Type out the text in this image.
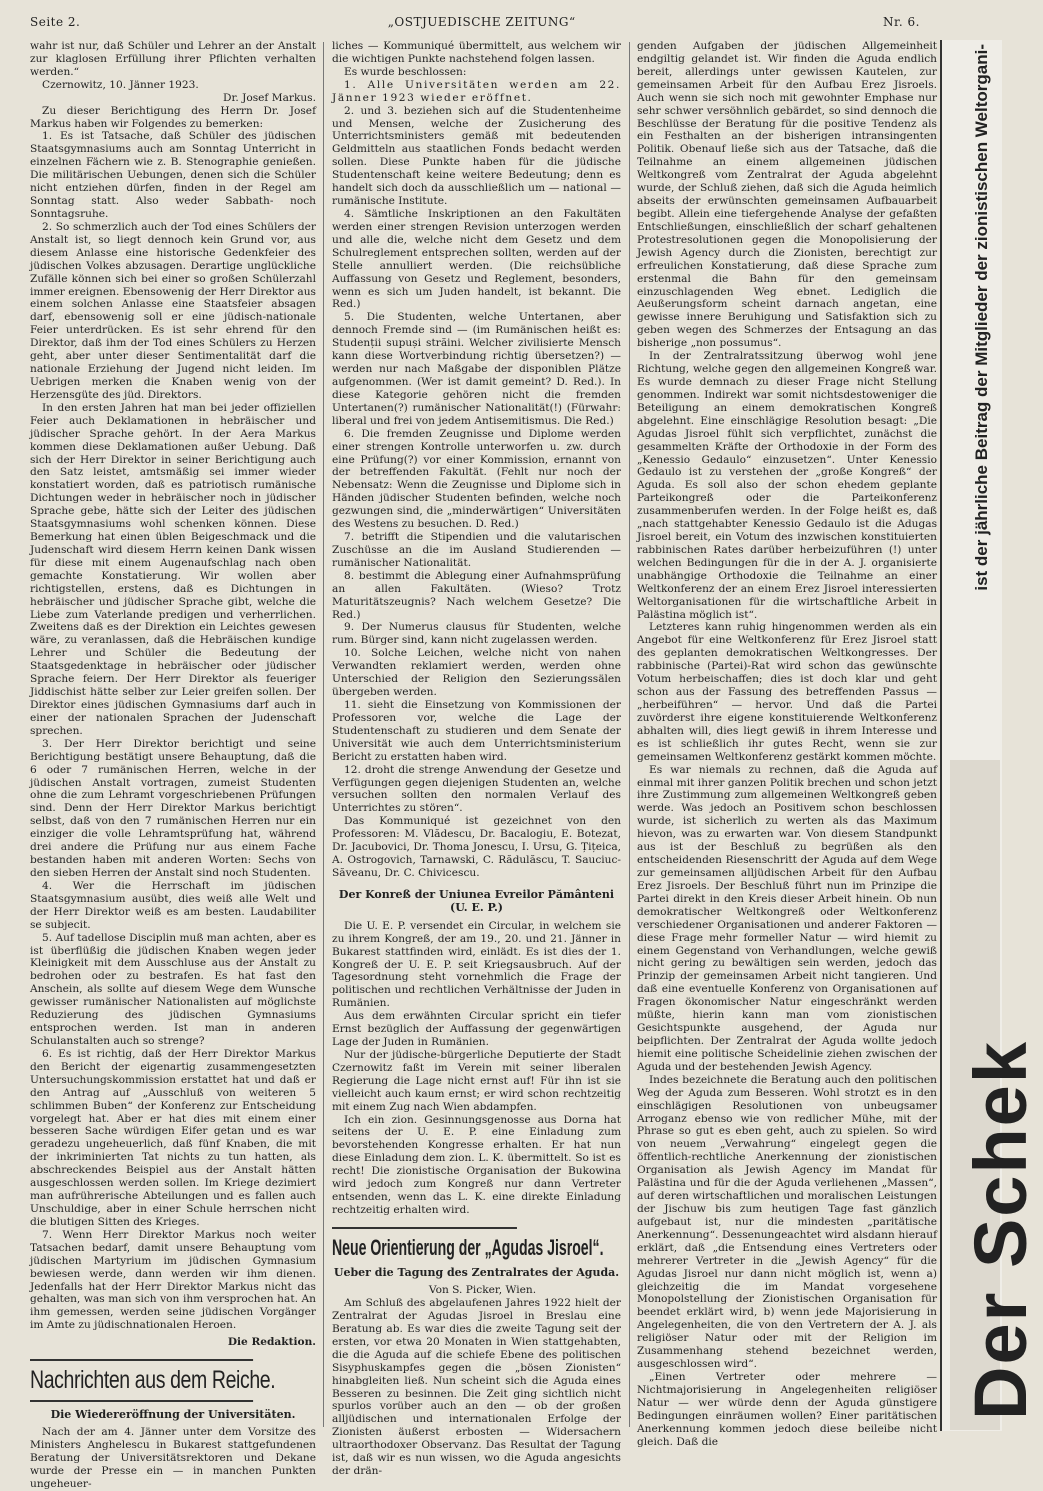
Seite 2.	„OSTJUEDISCHE ZEITUNG“	Nr. 6.

wahr ist nur, daß Schüler und Lehrer an der Anstalt zur klaglosen Erfüllung ihrer Pflichten verhalten werden.“

Czernowitz, 10. Jänner 1923.

Dr. Josef Markus.

Zu dieser Berichtigung des Herrn Dr. Josef Markus haben wir Folgendes zu bemerken:

1. Es ist Tatsache, daß Schüler des jüdischen Staatsgymnasiums auch am Sonntag Unterricht in einzelnen Fächern wie z. B. Stenographie genießen. Die militärischen Uebungen, denen sich die Schüler nicht entziehen dürfen, finden in der Regel am Sonntag statt. Also weder Sabbath- noch Sonntagsruhe.

2. So schmerzlich auch der Tod eines Schülers der Anstalt ist, so liegt dennoch kein Grund vor, aus diesem Anlasse eine historische Gedenkfeier des jüdischen Volkes abzusagen. Derartige unglückliche Zufälle können sich bei einer so großen Schülerzahl immer ereignen. Ebensowenig der Herr Direktor aus einem solchen Anlasse eine Staatsfeier absagen darf, ebensowenig soll er eine jüdisch-nationale Feier unterdrücken. Es ist sehr ehrend für den Direktor, daß ihm der Tod eines Schülers zu Herzen geht, aber unter dieser Sentimentalität darf die nationale Erziehung der Jugend nicht leiden. Im Uebrigen merken die Knaben wenig von der Herzensgüte des jüd. Direktors.

In den ersten Jahren hat man bei jeder offiziellen Feier auch Deklamationen in hebräischer und jüdischer Sprache gehört. In der Aera Markus kommen diese Deklamationen außer Uebung. Daß sich der Herr Direktor in seiner Berichtigung auch den Satz leistet, amtsmäßig sei immer wieder konstatiert worden, daß es patriotisch rumänische Dichtungen weder in hebräischer noch in jüdischer Sprache gebe, hätte sich der Leiter des jüdischen Staatsgymnasiums wohl schenken können. Diese Bemerkung hat einen üblen Beigeschmack und die Judenschaft wird diesem Herrn keinen Dank wissen für diese mit einem Augenaufschlag nach oben gemachte Konstatierung. Wir wollen aber richtigstellen, erstens, daß es Dichtungen in hebräischer und jüdischer Sprache gibt, welche die Liebe zum Vaterlande predigen und verherrlichen. Zweitens daß es der Direktion ein Leichtes gewesen wäre, zu veranlassen, daß die Hebräischen kundige Lehrer und Schüler die Bedeutung der Staatsgedenktage in hebräischer oder jüdischer Sprache feiern. Der Herr Direktor als feueriger Jiddischist hätte selber zur Leier greifen sollen. Der Direktor eines jüdischen Gymnasiums darf auch in einer der nationalen Sprachen der Judenschaft sprechen.

3. Der Herr Direktor berichtigt und seine Berichtigung bestätigt unsere Behauptung, daß die 6 oder 7 rumänischen Herren, welche in der jüdischen Anstalt vortragen, zumeist Studenten ohne die zum Lehramt vorgeschriebenen Prüfungen sind. Denn der Herr Direktor Markus berichtigt selbst, daß von den 7 rumänischen Herren nur ein einziger die volle Lehramtsprüfung hat, während drei andere die Prüfung nur aus einem Fache bestanden haben mit anderen Worten: Sechs von den sieben Herren der Anstalt sind noch Studenten.

4. Wer die Herrschaft im jüdischen Staatsgymnasium ausübt, dies weiß alle Welt und der Herr Direktor weiß es am besten. Laudabiliter se subjecit.

5. Auf tadellose Disciplin muß man achten, aber es ist überflüßig die jüdischen Knaben wegen jeder Kleinigkeit mit dem Ausschluse aus der Anstalt zu bedrohen oder zu bestrafen. Es hat fast den Anschein, als sollte auf diesem Wege dem Wunsche gewisser rumänischer Nationalisten auf möglichste Reduzierung des jüdischen Gymnasiums entsprochen werden. Ist man in anderen Schulanstalten auch so strenge?

6. Es ist richtig, daß der Herr Direktor Markus den Bericht der eigenartig zusammengesetzten Untersuchungskommission erstattet hat und daß er den Antrag auf „Ausschluß von weiteren 5 schlimmen Buben“ der Konferenz zur Entscheidung vorgelegt hat. Aber er hat dies mit einem einer besseren Sache würdigen Eifer getan und es war geradezu ungeheuerlich, daß fünf Knaben, die mit der inkriminierten Tat nichts zu tun hatten, als abschreckendes Beispiel aus der Anstalt hätten ausgeschlossen werden sollen. Im Kriege dezimiert man aufrührerische Abteilungen und es fallen auch Unschuldige, aber in einer Schule herrschen nicht die blutigen Sitten des Krieges.

7. Wenn Herr Direktor Markus noch weiter Tatsachen bedarf, damit unsere Behauptung vom jüdischen Martyrium im jüdischen Gymnasium bewiesen werde, dann werden wir ihm dienen. Jedenfalls hat der Herr Direktor Markus nicht das gehalten, was man sich von ihm versprochen hat. An ihm gemessen, werden seine jüdischen Vorgänger im Amte zu jüdischnationalen Heroen.

Die Redaktion.
Nachrichten aus dem Reiche.
Die Wiedereröffnung der Universitäten.

Nach der am 4. Jänner unter dem Vorsitze des Ministers Anghelescu in Bukarest stattgefundenen Beratung der Universitätsrektoren und Dekane wurde der Presse ein — in manchen Punkten ungeheuer-

liches — Kommuniqué übermittelt, aus welchem wir die wichtigen Punkte nachstehend folgen lassen.

Es wurde beschlossen:

1. Alle Universitäten werden am 22. Jänner 1923 wieder eröffnet.

2. und 3. beziehen sich auf die Studentenheime und Mensen, welche der Zusicherung des Unterrichtsministers gemäß mit bedeutenden Geldmitteln aus staatlichen Fonds bedacht werden sollen. Diese Punkte haben für die jüdische Studentenschaft keine weitere Bedeutung; denn es handelt sich doch da ausschließlich um — national — rumänische Institute.

4. Sämtliche Inskriptionen an den Fakultäten werden einer strengen Revision unterzogen werden und alle die, welche nicht dem Gesetz und dem Schulreglement entsprechen sollten, werden auf der Stelle annulliert werden. (Die reichsübliche Auffassung von Gesetz und Reglement, besonders, wenn es sich um Juden handelt, ist bekannt. Die Red.)

5. Die Studenten, welche Untertanen, aber dennoch Fremde sind — (im Rumänischen heißt es: Studenții supuși străini. Welcher zivilisierte Mensch kann diese Wortverbindung richtig übersetzen?) — werden nur nach Maßgabe der disponiblen Plätze aufgenommen. (Wer ist damit gemeint? D. Red.). In diese Kategorie gehören nicht die fremden Untertanen(?) rumänischer Nationalität(!) (Fürwahr: liberal und frei von jedem Antisemitismus. Die Red.)

6. Die fremden Zeugnisse und Diplome werden einer strengen Kontrolle unterworfen u. zw. durch eine Prüfung(?) vor einer Kommission, ernannt von der betreffenden Fakultät. (Fehlt nur noch der Nebensatz: Wenn die Zeugnisse und Diplome sich in Händen jüdischer Studenten befinden, welche noch gezwungen sind, die „minderwärtigen“ Universitäten des Westens zu besuchen. D. Red.)

7. betrifft die Stipendien und die valutarischen Zuschüsse an die im Ausland Studierenden — rumänischer Nationalität.

8. bestimmt die Ablegung einer Aufnahmsprüfung an allen Fakultäten. (Wieso? Trotz Maturitätszeugnis? Nach welchem Gesetze? Die Red.)

9. Der Numerus clausus für Studenten, welche rum. Bürger sind, kann nicht zugelassen werden.

10. Solche Leichen, welche nicht von nahen Verwandten reklamiert werden, werden ohne Unterschied der Religion den Sezierungssälen übergeben werden.

11. sieht die Einsetzung von Kommissionen der Professoren vor, welche die Lage der Studentenschaft zu studieren und dem Senate der Universität wie auch dem Unterrichtsministerium Bericht zu erstatten haben wird.

12. droht die strenge Anwendung der Gesetze und Verfügungen gegen diejenigen Studenten an, welche versuchen sollten den normalen Verlauf des Unterrichtes zu stören“.

Das Kommuniqué ist gezeichnet von den Professoren: M. Vlădescu, Dr. Bacalogiu, E. Botezat, Dr. Jacubovici, Dr. Thoma Jonescu, I. Ursu, G. Țițeica, A. Ostrogovich, Tarnawski, C. Rădulăscu, T. Sauciuc-Săveanu, Dr. C. Chivicescu.

Der Konreß der Uniunea Evreilor Pământeni (U. E. P.)

Die U. E. P. versendet ein Circular, in welchem sie zu ihrem Kongreß, der am 19., 20. und 21. Jänner in Bukarest stattfinden wird, einlädt. Es ist dies der 1. Kongreß der U. E. P. seit Kriegsausbruch. Auf der Tagesordnung steht vornehmlich die Frage der politischen und rechtlichen Verhältnisse der Juden in Rumänien.

Aus dem erwähnten Circular spricht ein tiefer Ernst bezüglich der Auffassung der gegenwärtigen Lage der Juden in Rumänien.

Nur der jüdische-bürgerliche Deputierte der Stadt Czernowitz faßt im Verein mit seiner liberalen Regierung die Lage nicht ernst auf! Für ihn ist sie vielleicht auch kaum ernst; er wird schon rechtzeitig mit einem Zug nach Wien abdampfen.

Ich ein zion. Gesinnungsgenosse aus Dorna hat seitens der U. E. P. eine Einladung zum bevorstehenden Kongresse erhalten. Er hat nun diese Einladung dem zion. L. K. übermittelt. So ist es recht! Die zionistische Organisation der Bukowina wird jedoch zum Kongreß nur dann Vertreter entsenden, wenn das L. K. eine direkte Einladung rechtzeitig erhalten wird.

Neue Orientierung der „Agudas Jisroel“.
Ueber die Tagung des Zentralrates der Aguda.

Von S. Picker, Wien.

Am Schluß des abgelaufenen Jahres 1922 hielt der Zentralrat der Agudas Jisroel in Breslau eine Beratung ab. Es war dies die zweite Tagung seit der ersten, vor etwa 20 Monaten in Wien stattgehabten, die die Aguda auf die schiefe Ebene des politischen Sisyphuskampfes gegen die „bösen Zionisten“ hinabgleiten ließ. Nun scheint sich die Aguda eines Besseren zu besinnen. Die Zeit ging sichtlich nicht spurlos vorüber auch an den — ob der großen alljüdischen und internationalen Erfolge der Zionisten äußerst erbosten — Widersachern ultraorthodoxer Observanz. Das Resultat der Tagung ist, daß wir es nun wissen, wo die Aguda angesichts der drän-

genden Aufgaben der jüdischen Allgemeinheit endgiltig gelandet ist. Wir finden die Aguda endlich bereit, allerdings unter gewissen Kautelen, zur gemeinsamen Arbeit für den Aufbau Erez Jisroels. Auch wenn sie sich noch mit gewohnter Emphase nur sehr schwer versöhnlich gebärdet, so sind dennoch die Beschlüsse der Beratung für die positive Tendenz als ein Festhalten an der bisherigen intransingenten Politik. Obenauf ließe sich aus der Tatsache, daß die Teilnahme an einem allgemeinen jüdischen Weltkongreß vom Zentralrat der Aguda abgelehnt wurde, der Schluß ziehen, daß sich die Aguda heimlich abseits der erwünschten gemeinsamen Aufbauarbeit begibt. Allein eine tiefergehende Analyse der gefaßten Entschließungen, einschließlich der scharf gehaltenen Protestresolutionen gegen die Monopolisierung der Jewish Agency durch die Zionisten, berechtigt zur erfreulichen Konstatierung, daß diese Sprache zum erstenmal die Bahn für den gemeinsam einzuschlagenden Weg ebnet. Lediglich die Aeußerungsform scheint darnach angetan, eine gewisse innere Beruhigung und Satisfaktion sich zu geben wegen des Schmerzes der Entsagung an das bisherige „non possumus“.

In der Zentralratssitzung überwog wohl jene Richtung, welche gegen den allgemeinen Kongreß war. Es wurde demnach zu dieser Frage nicht Stellung genommen. Indirekt war somit nichtsdestoweniger die Beteiligung an einem demokratischen Kongreß abgelehnt. Eine einschlägige Resolution besagt: „Die Agudas Jisroel fühlt sich verpflichtet, zunächst die gesammelten Kräfte der Orthodoxie in der Form des „Kenessio Gedaulo“ einzusetzen“. Unter Kenessio Gedaulo ist zu verstehen der „große Kongreß“ der Aguda. Es soll also der schon ehedem geplante Parteikongreß oder die Parteikonferenz zusammenberufen werden. In der Folge heißt es, daß „nach stattgehabter Kenessio Gedaulo ist die Adugas Jisroel bereit, ein Votum des inzwischen konstituierten rabbinischen Rates darüber herbeizuführen (!) unter welchen Bedingungen für die in der A. J. organisierte unabhängige Orthodoxie die Teilnahme an einer Weltkonferenz der an einem Erez Jisroel interessierten Weltorganisationen für die wirtschaftliche Arbeit in Palästina möglich ist“.

Letzteres kann ruhig hingenommen werden als ein Angebot für eine Weltkonferenz für Erez Jisroel statt des geplanten demokratischen Weltkongresses. Der rabbinische (Partei)-Rat wird schon das gewünschte Votum herbeischaffen; dies ist doch klar und geht schon aus der Fassung des betreffenden Passus — „herbeiführen“ — hervor. Und daß die Partei zuvörderst ihre eigene konstituierende Weltkonferenz abhalten will, dies liegt gewiß in ihrem Interesse und es ist schließlich ihr gutes Recht, wenn sie zur gemeinsamen Weltkonferenz gestärkt kommen möchte.

Es war niemals zu rechnen, daß die Aguda auf einmal mit ihrer ganzen Politik brechen und schon jetzt ihre Zustimmung zum allgemeinen Weltkongreß geben werde. Was jedoch an Positivem schon beschlossen wurde, ist sicherlich zu werten als das Maximum hievon, was zu erwarten war. Von diesem Standpunkt aus ist der Beschluß zu begrüßen als den entscheidenden Riesenschritt der Aguda auf dem Wege zur gemeinsamen alljüdischen Arbeit für den Aufbau Erez Jisroels. Der Beschluß führt nun im Prinzipe die Partei direkt in den Kreis dieser Arbeit hinein. Ob nun demokratischer Weltkongreß oder Weltkonferenz verschiedener Organisationen und anderer Faktoren — diese Frage mehr formeller Natur — wird hiemit zu einem Gegenstand von Verhandlungen, welche gewiß nicht gering zu bewältigen sein werden, jedoch das Prinzip der gemeinsamen Arbeit nicht tangieren. Und daß eine eventuelle Konferenz von Organisationen auf Fragen ökonomischer Natur eingeschränkt werden müßte, hierin kann man vom zionistischen Gesichtspunkte ausgehend, der Aguda nur beipflichten. Der Zentralrat der Aguda wollte jedoch hiemit eine politische Scheidelinie ziehen zwischen der Aguda und der bestehenden Jewish Agency.

Indes bezeichnete die Beratung auch den politischen Weg der Aguda zum Besseren. Wohl strotzt es in den einschlägigen Resolutionen von unbeugsamer Arroganz ebenso wie von redlicher Mühe, mit der Phrase so gut es eben geht, auch zu spielen. So wird von neuem „Verwahrung“ eingelegt gegen die öffentlich-rechtliche Anerkennung der zionistischen Organisation als Jewish Agency im Mandat für Palästina und für die der Aguda verliehenen „Massen“, auf deren wirtschaftlichen und moralischen Leistungen der Jischuw bis zum heutigen Tage fast gänzlich aufgebaut ist, nur die mindesten „paritätische Anerkennung“. Dessenungeachtet wird alsdann hierauf erklärt, daß „die Entsendung eines Vertreters oder mehrerer Vertreter in die „Jewish Agency“ für die Agudas Jisroel nur dann nicht möglich ist, wenn a) gleichzeitig die im Mandat vorgesehene Monopolstellung der Zionistischen Organisation für beendet erklärt wird, b) wenn jede Majorisierung in Angelegenheiten, die von den Vertretern der A. J. als religiöser Natur oder mit der Religion im Zusammenhang stehend bezeichnet werden, ausgeschlossen wird“.

„Einen Vertreter oder mehrere — Nichtmajorisierung in Angelegenheiten religiöser Natur — wer würde denn der Aguda günstigere Bedingungen einräumen wollen? Einer paritätischen Anerkennung kommen jedoch diese beileibe nicht gleich. Daß die

ist der jährliche Beitrag der Mitglieder der zionistischen Weltorgani-
Der Schek
